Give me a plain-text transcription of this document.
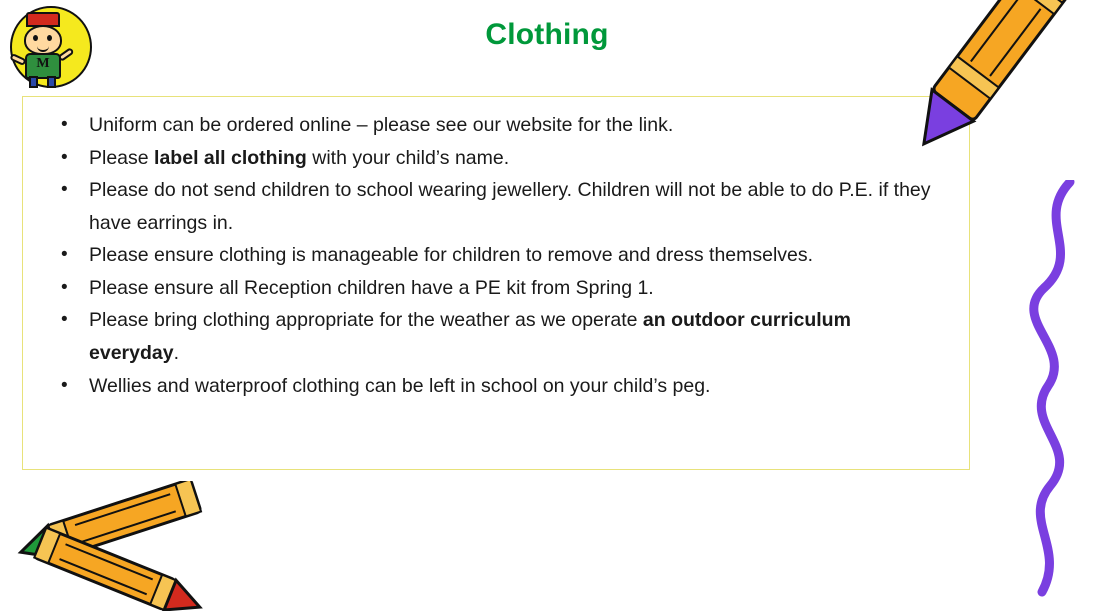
Clothing
M
• Uniform can be ordered online – please see our website for the link.
• Please label all clothing with your child’s name.
• Please do not send children to school wearing jewellery. Children will not be able to do P.E. if they have earrings in.
• Please ensure clothing is manageable for children to remove and dress themselves.
• Please ensure all Reception children have a PE kit from Spring 1.
• Please bring clothing appropriate for the weather as we operate an outdoor curriculum everyday.
• Wellies and waterproof clothing can be left in school on your child’s peg.
